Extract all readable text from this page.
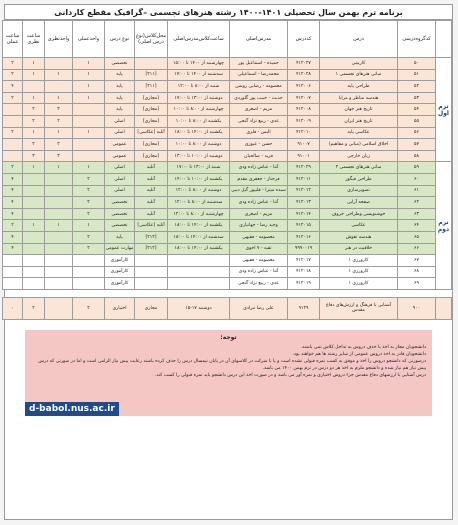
برنامه ترم بهمن سال تحصیلی ۱۴۰۱-۱۴۰۰ رشته هنرهای تجسمی –گرافیک مقطع کاردانی
	کدگروه‌درسی	درس	کددرس	مدرس‌اصلی	ساعت‌کلاس‌مدرس‌اصلی	محل‌کلاس‌(نوع درس اصلی)	نوع درس	واحدعملی	واحدنظری	ساعت نظری	ساعت عملی
ترم اول	۵۰	کاربینی	۴۱۲۰۲۷	حمیده - اسماعیل پور	چهارشنبه از ۱۴۰۰ تا ۱۵:۰۰		تخصصی	۱		۱	۲
	۵۱	مبانی هنرهای تجسمی ۱	۴۱۲۰۲۸	محمدرضا - اسماعیلی	سه‌شنبه از ۱۴۰۰ تا ۱۷:۰۰	[۲۱۱]	پایه	۱	۱	۱	۲
	۵۲	طراحی پایه	۴۱۲۰۰۶	معصومه - رضایی روشن	شنبه از ۸:۰۰ تا ۱۲:۰۰	[۲۱۱]	پایه	۱			۴
	۵۳	هندسه مناظر و مرایا	۴۱۲۰۰۷	حدیث - حبیب پور گلوردی	دوشنبه از ۱۳:۰۰ تا ۱۷:۰۰	[مجازی]	پایه	۱	۱	۱	۲
	۵۴	تاریخ هنر جهان	۴۱۲۰۰۸	مریم - اصغری	چهارشنبه از ۸:۰۰ تا ۱۰:۰۰	[مجازی]	پایه		۲	۲	
	۵۵	تاریخ هنر ایران	۴۱۲۰۰۹	عدی - ربیع نژاد گنجی	یکشنبه از ۸:۰۰ تا ۱۰:۰۰	[مجازی]	اصلی		۲	۲	
	۵۶	عکاسی پایه	۴۱۲۰۱۰	الیس - فلزی	یکشنبه از ۱۴:۰۰ تا ۱۸:۰۰	آتلیه [عکاسی]	اصلی	۱	۱	۱	۲
	۵۷	اخلاق اسلامی (مبانی و مفاهیم)	۹۱۰۰۷	حسن - عیوزی	دوشنبه از ۸:۰۰ تا ۱۰:۰۰	[مجازی]	عمومی		۲	۲	
	۵۸	زبان خارجی	۹۱۰۰۱	فرید - صالحیان	دوشنبه از ۱۰:۰۰ تا ۱۳:۰۰	[مجازی]	عمومی		۳	۳	
ترم دوم	۵۹	مبانی هنرهای تجسمی ۲	۴۱۲۰۲۹	آتنا - عباس زاده ودی	شنبه از ۱۳:۰۰ تا ۱۷:۰۰	آتلیه	اصلی	۱	۱	۱	۲
	۶۰	طراحی فیگور	۴۱۲۰۱۱	فرحناز - جعفری مقدم	یکشنبه از ۱۰:۰۰ تا ۱۴:۰۰	آتلیه	اصلی	۲			۴
	۶۱	تصویرسازی	۴۱۲۰۱۲	سیده میترا - قلیپور گیل دیبی	دوشنبه از ۸:۰۰ تا ۱۲:۰۰	آتلیه	اصلی	۲			۴
	۶۲	صفحه آرایی	۴۱۲۰۱۳	آتنا - عباس زاده ودی	سه‌شنبه از ۸:۰۰ تا ۱۲:۰۰	آتلیه	تخصصی	۲			۴
	۶۳	خوشنویسی وطراحی حروف	۴۱۲۰۱۴	مریم - اصغری	چهارشنبه از ۸:۰۰ تا ۱۲:۰۰	آتلیه	تخصصی	۲			۴
	۶۴	عکاسی	۴۱۲۰۱۵	وحید رضا - جهانیاری	یکشنبه از ۱۴:۰۰ تا ۱۸:۰۰	آتلیه [عکاسی]	تخصصی	۱	۱	۱	۲
	۶۵	هندسه نقوش	۴۱۲۰۱۶	معصومه - فقیهی	سه‌شنبه از ۱۴:۰۰ تا ۱۸:۰۰	[۲۱۲]	پایه	۲			۴
	۶۶	خلاقیت در هنر	۹۹۹۰۰۱۹	تقیه - ۷ اخوی	یکشنبه از ۱۴:۰۰ تا ۱۸:۰۰	[۲۱۲]	مهارت عمومی	۲			۴
	۶۷	کارورزی ۱	۴۱۲۰۱۷	معصومه - فقیهی			کارآموزی				
	۶۸	کارورزی ۱	۴۱۲۰۱۸	آتنا - عباس زاده ودی			کارآموزی				
	۶۹	کارورزی ۱	۴۱۲۰۱۹	عدی - ربیع نژاد گنجی			کارآموزی				

	۹۰۰	آشنایی با فرهنگ و ارزش‌های دفاع مقدس	۹۱۲۹	علی رضا مرادی	دوشنبه ۱۷-۱۵	مجازی	اختیاری	۲		۲	۰
توجه:

دانشجویان مجاز به اخذ یا حذف دروس به تداخل کلاس نمی باشند.

دانشجویان قادر به اخذ دروس عمومی از سایر رشته ها هم خواهند بود.

درصورتی که دانشجو دروس را اخذ و موفق به کسب نمره قبولی نشده است و یا با شرکت در کلاسهای آن در پایان نیمسال درس را حذف کرده باشند رعایت پیش نیاز الزامی است و اما در صورتی که درس پیش نیاز هم نیاز شده و دانشجو ملزم به اخذ هر دو درس در ترم بهمن ۱۴۰۰ می باشد.

درس آشنایی با ارزشهای دفاع مقدس جزء دروس اختیاری و نمره آور می باشد و در صورت اخذ این درس دانشجو باید نمره قبولی را کسب کند.

d-babol.nus.ac.ir
